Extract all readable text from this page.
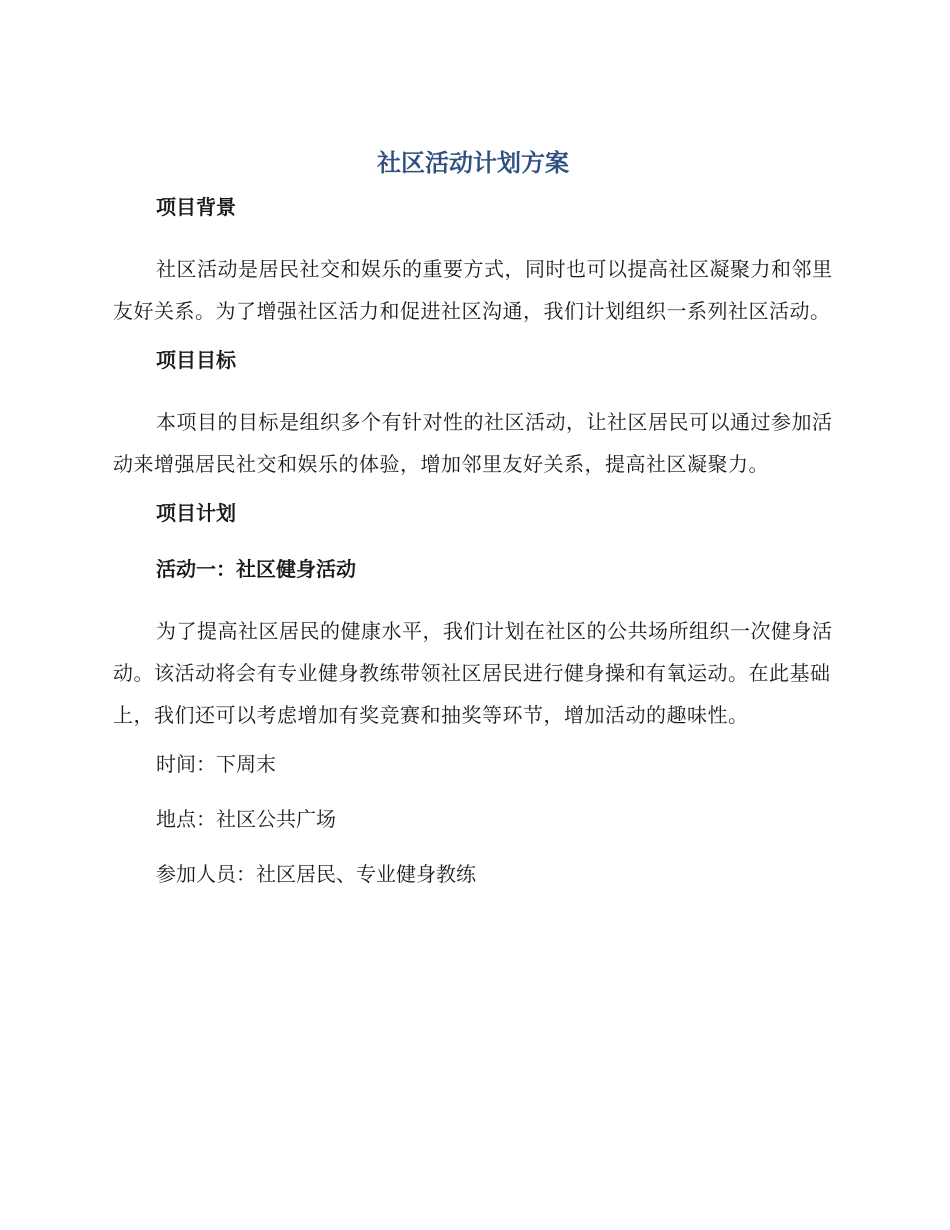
社区活动计划方案
项目背景
社区活动是居民社交和娱乐的重要方式，同时也可以提高社区凝聚力和邻里友好关系。为了增强社区活力和促进社区沟通，我们计划组织一系列社区活动。
项目目标
本项目的目标是组织多个有针对性的社区活动，让社区居民可以通过参加活动来增强居民社交和娱乐的体验，增加邻里友好关系，提高社区凝聚力。
项目计划
活动一：社区健身活动
为了提高社区居民的健康水平，我们计划在社区的公共场所组织一次健身活动。该活动将会有专业健身教练带领社区居民进行健身操和有氧运动。在此基础上，我们还可以考虑增加有奖竞赛和抽奖等环节，增加活动的趣味性。
时间：下周末
地点：社区公共广场
参加人员：社区居民、专业健身教练
